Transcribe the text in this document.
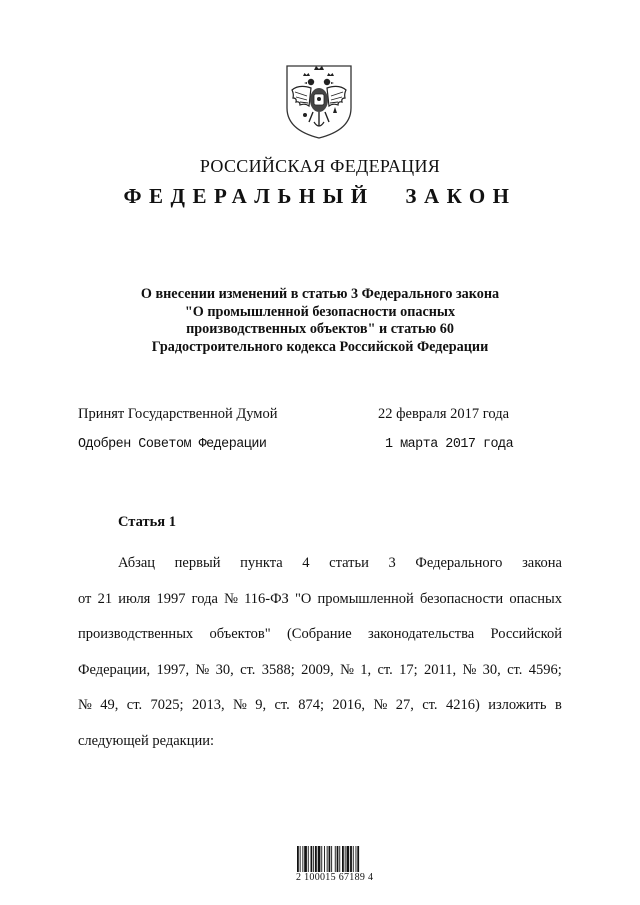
РОССИЙСКАЯ ФЕДЕРАЦИЯ
ФЕДЕРАЛЬНЫЙ ЗАКОН
О внесении изменений в статью 3 Федерального закона
"О промышленной безопасности опасных
производственных объектов" и статью 60
Градостроительного кодекса Российской Федерации
Принят Государственной Думой	22 февраля 2017 года
Одобрен Советом Федерации	1 марта 2017 года
Статья 1
Абзац первый пункта 4 статьи 3 Федерального закона
от 21 июля 1997 года № 116-ФЗ "О промышленной безопасности опасных
производственных объектов" (Собрание законодательства Российской
Федерации, 1997, № 30, ст. 3588; 2009, № 1, ст. 17; 2011, № 30, ст. 4596;
№ 49, ст. 7025; 2013, № 9, ст. 874; 2016, № 27, ст. 4216) изложить в
следующей редакции:
2 100015 67189 4
